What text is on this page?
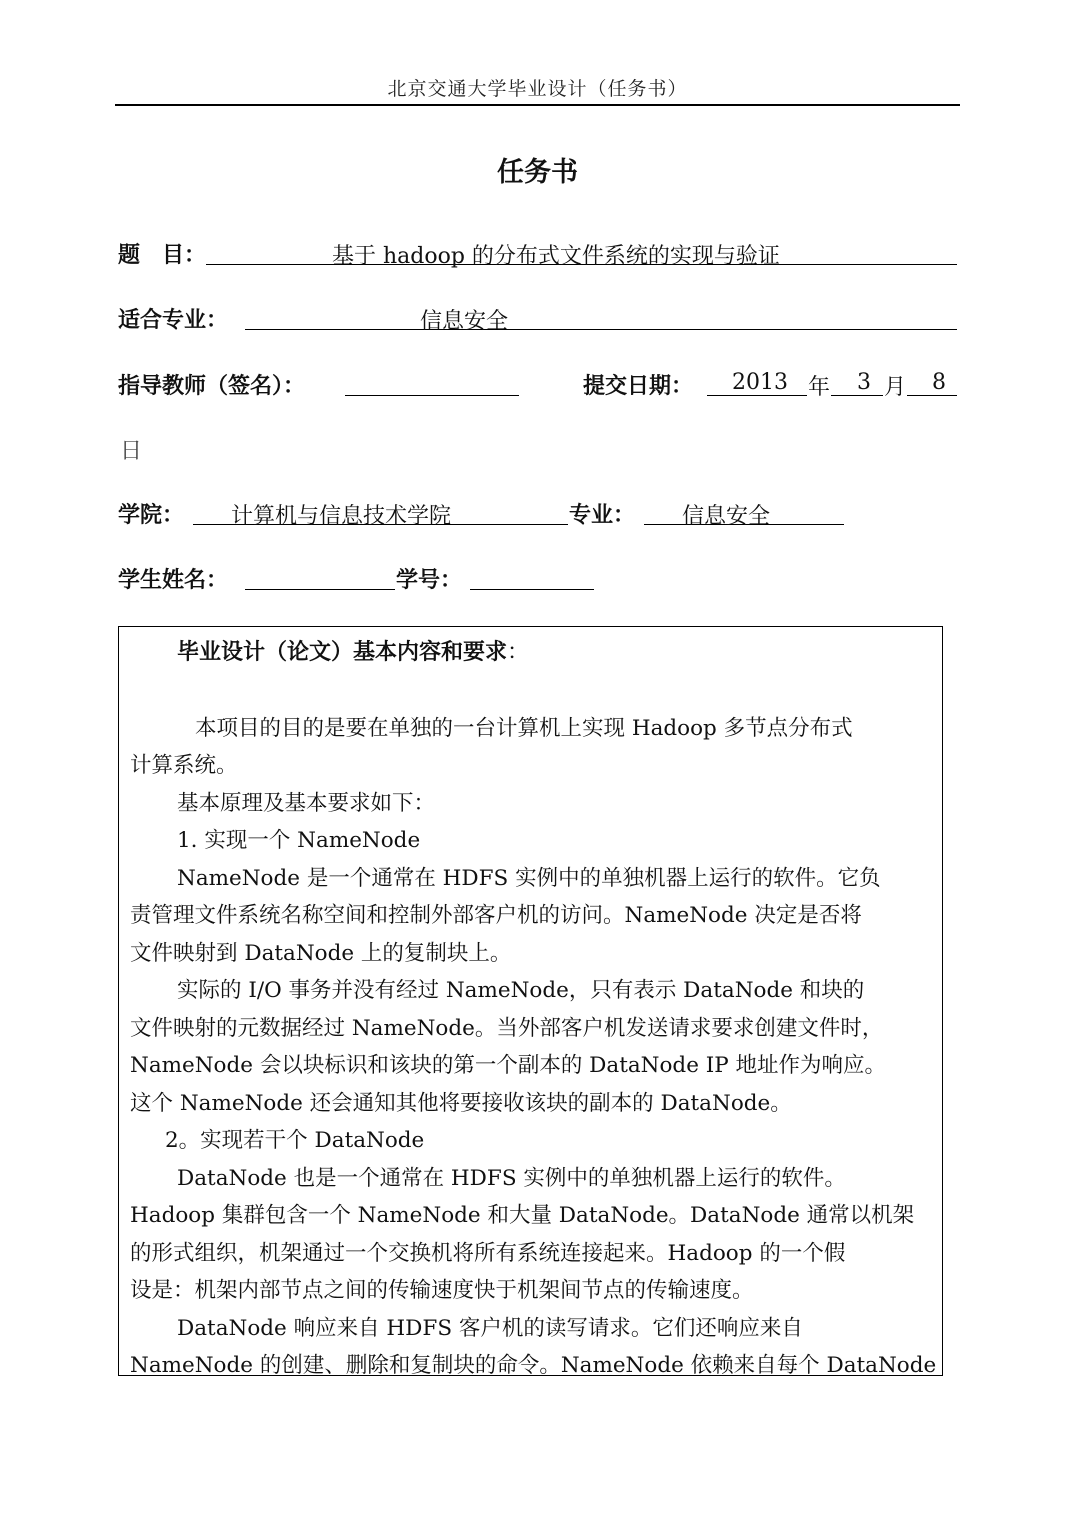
北京交通大学毕业设计（任务书）
任务书
题　目：	基于 hadoop 的分布式文件系统的实现与验证
适合专业：	信息安全
指导教师（签名）：	提交日期： 2013 年 3 月 8
日
学院： 计算机与信息技术学院	专业： 信息安全
学生姓名：	学号：
毕业设计（论文）基本内容和要求：
本项目的目的是要在单独的一台计算机上实现 Hadoop 多节点分布式
计算系统。
基本原理及基本要求如下：
1. 实现一个 NameNode
NameNode 是一个通常在 HDFS 实例中的单独机器上运行的软件。它负
责管理文件系统名称空间和控制外部客户机的访问。NameNode 决定是否将
文件映射到 DataNode 上的复制块上。
实际的 I/O 事务并没有经过 NameNode，只有表示 DataNode 和块的
文件映射的元数据经过 NameNode。当外部客户机发送请求要求创建文件时，
NameNode 会以块标识和该块的第一个副本的 DataNode IP 地址作为响应。
这个 NameNode 还会通知其他将要接收该块的副本的 DataNode。
2。实现若干个 DataNode
DataNode 也是一个通常在 HDFS 实例中的单独机器上运行的软件。
Hadoop 集群包含一个 NameNode 和大量 DataNode。DataNode 通常以机架
的形式组织，机架通过一个交换机将所有系统连接起来。Hadoop 的一个假
设是：机架内部节点之间的传输速度快于机架间节点的传输速度。
DataNode 响应来自 HDFS 客户机的读写请求。它们还响应来自
NameNode 的创建、删除和复制块的命令。NameNode 依赖来自每个 DataNode
